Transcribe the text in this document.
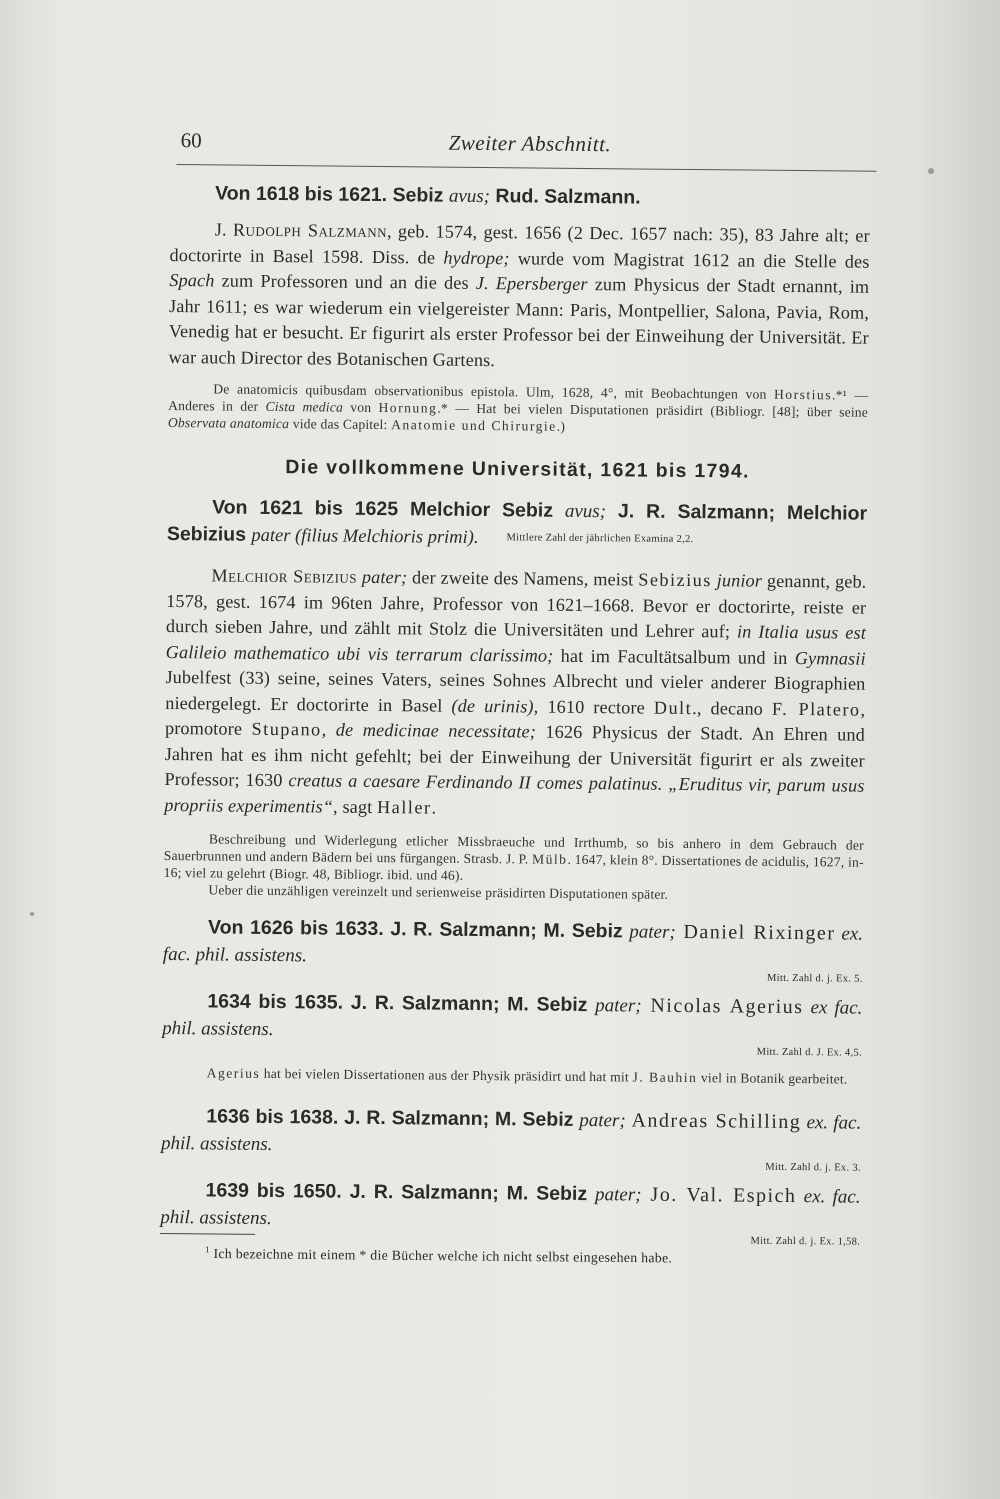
60	Zweiter Abschnitt.

Von 1618 bis 1621. Sebiz avus; Rud. Salzmann.

J. Rudolph Salzmann, geb. 1574, gest. 1656 (2 Dec. 1657 nach: 35), 83 Jahre alt; er doctorirte in Basel 1598. Diss. de hydrope; wurde vom Magistrat 1612 an die Stelle des Spach zum Professoren und an die des J. Epersberger zum Physicus der Stadt ernannt, im Jahr 1611; es war wiederum ein vielgereister Mann: Paris, Montpellier, Salona, Pavia, Rom, Venedig hat er besucht. Er figurirt als erster Professor bei der Einweihung der Universität. Er war auch Director des Botanischen Gartens.

De anatomicis quibusdam observationibus epistola. Ulm, 1628, 4°, mit Beobachtungen von Horstius.*¹ — Anderes in der Cista medica von Hornung.* — Hat bei vielen Disputationen präsidirt (Bibliogr. [48]; über seine Observata anatomica vide das Capitel: Anatomie und Chirurgie.)

Die vollkommene Universität, 1621 bis 1794.

Von 1621 bis 1625 Melchior Sebiz avus; J. R. Salzmann; Melchior Sebizius pater (filius Melchioris primi).	Mittlere Zahl der jährlichen Examina 2,2.

Melchior Sebizius pater; der zweite des Namens, meist Sebizius junior genannt, geb. 1578, gest. 1674 im 96ten Jahre, Professor von 1621–1668. Bevor er doctorirte, reiste er durch sieben Jahre, und zählt mit Stolz die Universitäten und Lehrer auf; in Italia usus est Galileio mathematico ubi vis terrarum clarissimo; hat im Facultätsalbum und in Gymnasii Jubelfest (33) seine, seines Vaters, seines Sohnes Albrecht und vieler anderer Biographien niedergelegt. Er doctorirte in Basel (de urinis), 1610 rectore Dult., decano F. Platero, promotore Stupano, de medicinae necessitate; 1626 Physicus der Stadt. An Ehren und Jahren hat es ihm nicht gefehlt; bei der Einweihung der Universität figurirt er als zweiter Professor; 1630 creatus a caesare Ferdinando II comes palatinus. „Eruditus vir, parum usus propriis experimentis“, sagt Haller.

Beschreibung und Widerlegung etlicher Missbraeuche und Irrthumb, so bis anhero in dem Gebrauch der Sauerbrunnen und andern Bädern bei uns fürgangen. Strasb. J. P. Mülb. 1647, klein 8°. Dissertationes de acidulis, 1627, in-16; viel zu gelehrt (Biogr. 48, Bibliogr. ibid. und 46).

Ueber die unzähligen vereinzelt und serienweise präsidirten Disputationen später.

Von 1626 bis 1633. J. R. Salzmann; M. Sebiz pater; Daniel Rixinger ex. fac. phil. assistens.

Mitt. Zahl d. j. Ex. 5.

1634 bis 1635. J. R. Salzmann; M. Sebiz pater; Nicolas Agerius ex fac. phil. assistens.

Mitt. Zahl d. J. Ex. 4,5.

Agerius hat bei vielen Dissertationen aus der Physik präsidirt und hat mit J. Bauhin viel in Botanik gearbeitet.

1636 bis 1638. J. R. Salzmann; M. Sebiz pater; Andreas Schilling ex. fac. phil. assistens.

Mitt. Zahl d. j. Ex. 3.

1639 bis 1650. J. R. Salzmann; M. Sebiz pater; Jo. Val. Espich ex. fac. phil. assistens.

Mitt. Zahl d. j. Ex. 1,58.

$^1$ Ich bezeichne mit einem * die Bücher welche ich nicht selbst eingesehen habe.
